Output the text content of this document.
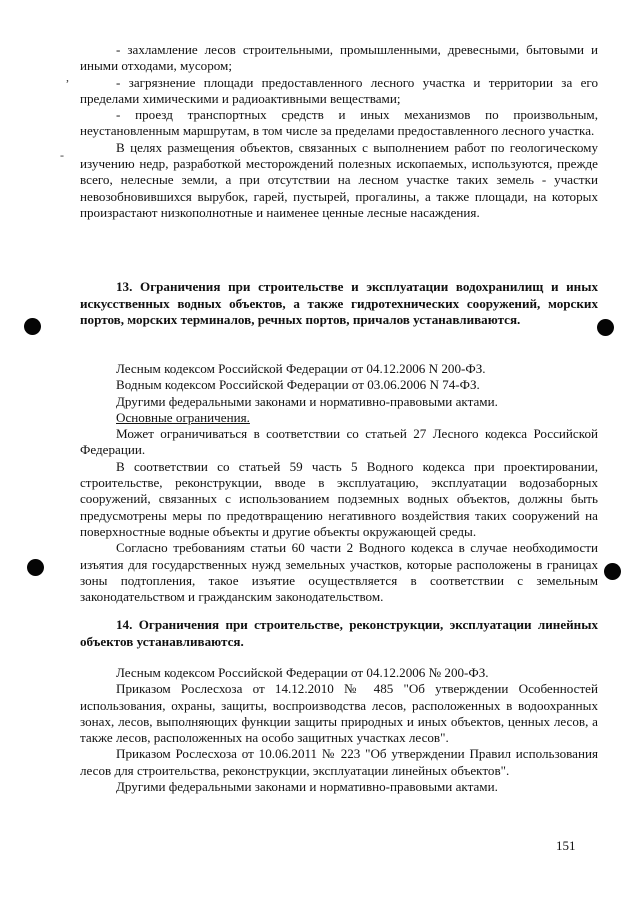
,
-

- захламление лесов строительными, промышленными, древесными, бытовыми и иными отходами, мусором;

- загрязнение площади предоставленного лесного участка и территории за его пределами химическими и радиоактивными веществами;

- проезд транспортных средств и иных механизмов по произвольным, неустановленным маршрутам, в том числе за пределами предоставленного лесного участка.

В целях размещения объектов, связанных с выполнением работ по геологическому изучению недр, разработкой месторождений полезных ископаемых, используются, прежде всего, нелесные земли, а при отсутствии на лесном участке таких земель - участки невозобновившихся вырубок, гарей, пустырей, прогалины, а также площади, на которых произрастают низкополнотные и наименее ценные лесные насаждения.

13. Ограничения при строительстве и эксплуатации водохранилищ и иных искусственных водных объектов, а также гидротехнических сооружений, морских портов, морских терминалов, речных портов, причалов устанавливаются.

Лесным кодексом Российской Федерации от 04.12.2006 N 200-ФЗ.

Водным кодексом Российской Федерации от 03.06.2006 N 74-ФЗ.

Другими федеральными законами и нормативно-правовыми актами.

Основные ограничения.

Может ограничиваться в соответствии со статьей 27 Лесного кодекса Российской Федерации.

В соответствии со статьей 59 часть 5 Водного кодекса при проектировании, строительстве, реконструкции, вводе в эксплуатацию, эксплуатации водозаборных сооружений, связанных с использованием подземных водных объектов, должны быть предусмотрены меры по предотвращению негативного воздействия таких сооружений на поверхностные водные объекты и другие объекты окружающей среды.

Согласно требованиям статьи 60 части 2 Водного кодекса в случае необходимости изъятия для государственных нужд земельных участков, которые расположены в границах зоны подтопления, такое изъятие осуществляется в соответствии с земельным законодательством и гражданским законодательством.

14. Ограничения при строительстве, реконструкции, эксплуатации линейных объектов устанавливаются.

Лесным кодексом Российской Федерации от 04.12.2006 № 200-ФЗ.

Приказом Рослесхоза от 14.12.2010 № 485 "Об утверждении Особенностей использования, охраны, защиты, воспроизводства лесов, расположенных в водоохранных зонах, лесов, выполняющих функции защиты природных и иных объектов, ценных лесов, а также лесов, расположенных на особо защитных участках лесов".

Приказом Рослесхоза от 10.06.2011 № 223 "Об утверждении Правил использования лесов для строительства, реконструкции, эксплуатации линейных объектов".

Другими федеральными законами и нормативно-правовыми актами.

151
